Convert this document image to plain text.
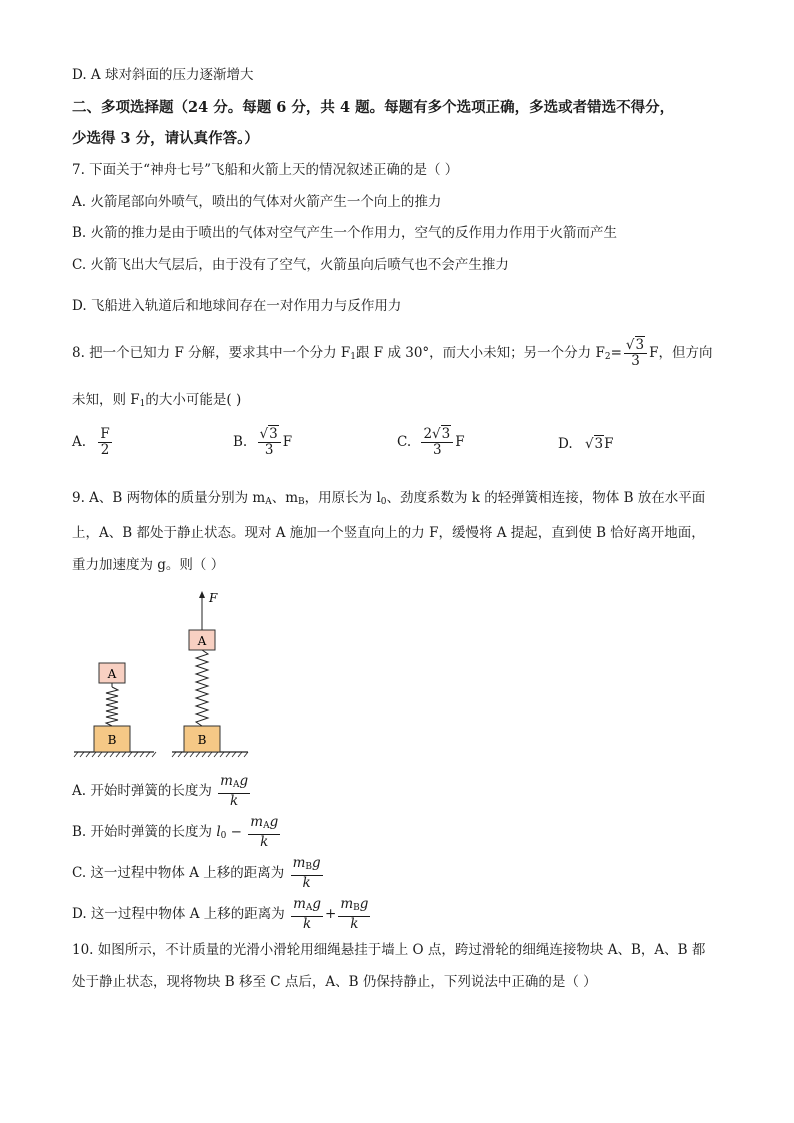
D. A 球对斜面的压力逐渐增大
二、多项选择题（24 分。每题 6 分，共 4 题。每题有多个选项正确，多选或者错选不得分，
少选得 3 分，请认真作答。）
7. 下面关于“神舟七号”飞船和火箭上天的情况叙述正确的是（ ）
A. 火箭尾部向外喷气，喷出的气体对火箭产生一个向上的推力
B. 火箭的推力是由于喷出的气体对空气产生一个作用力，空气的反作用力作用于火箭而产生
C. 火箭飞出大气层后，由于没有了空气，火箭虽向后喷气也不会产生推力
D. 飞船进入轨道后和地球间存在一对作用力与反作用力
8. 把一个已知力 F 分解，要求其中一个分力 $F_1$跟 F 成 30°，而大小未知；另一个分力 $F_2= \frac{√3}{3}$ F，但方向
未知，则 $F_1$的大小可能是( )
A. $\frac{F}{2}$	B. $\frac{√3}{3}$ F	C. $\frac{2√3}{3}$ F	D. √3F
9. A、B 两物体的质量分别为 $m_A$、$m_B$，用原长为 $l_0$、劲度系数为 k 的轻弹簧相连接，物体 B 放在水平面
上，A、B 都处于静止状态。现对 A 施加一个竖直向上的力 F，缓慢将 A 提起，直到使 B 恰好离开地面，
重力加速度为 g。则（ ）
B
A
B
A
F
A. 开始时弹簧的长度为 $\frac{m_Ag}{k}$
B. 开始时弹簧的长度为 $l_0 - \frac{m_Ag}{k}$
C. 这一过程中物体 A 上移的距离为 $\frac{m_Bg}{k}$
D. 这一过程中物体 A 上移的距离为 $\frac{m_Ag}{k} + \frac{m_Bg}{k}$
10. 如图所示，不计质量的光滑小滑轮用细绳悬挂于墙上 O 点，跨过滑轮的细绳连接物块 A、B，A、B 都
处于静止状态，现将物块 B 移至 C 点后，A、B 仍保持静止，下列说法中正确的是（ ）
